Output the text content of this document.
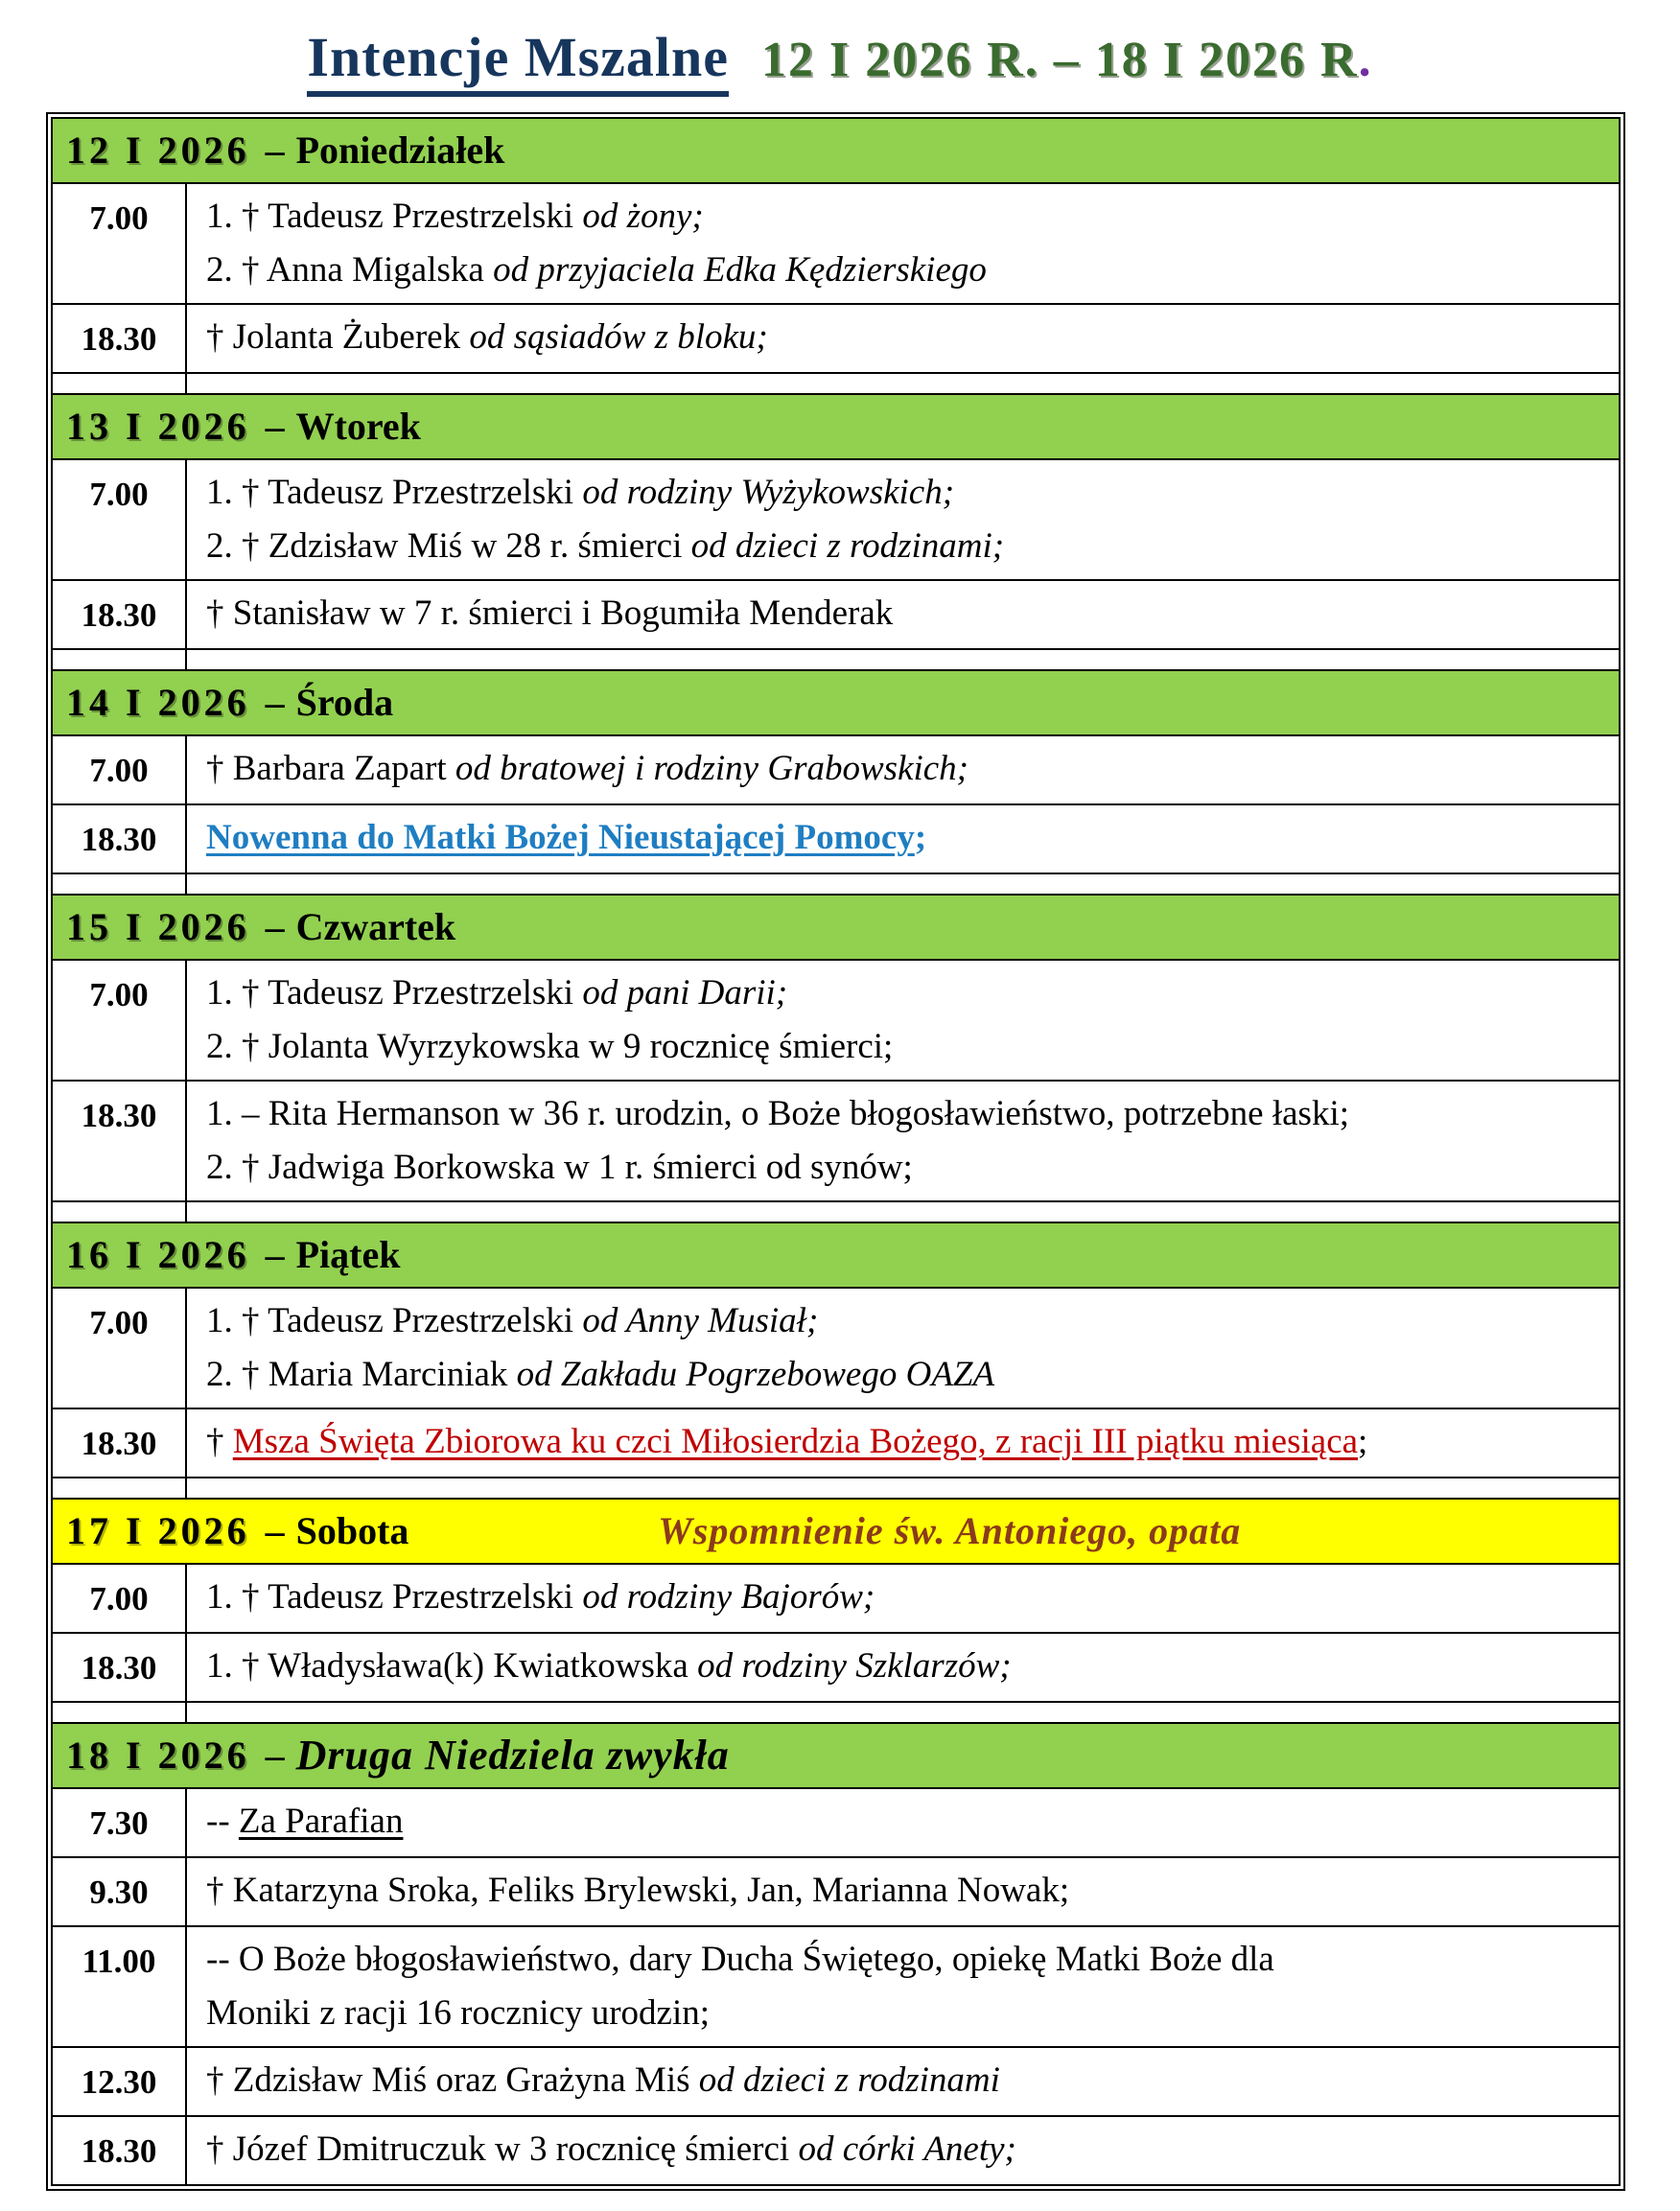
Intencje Mszalne 12 I 2026 R. – 18 I 2026 R.
12 I 2026 – Poniedziałek	

7.00	1. † Tadeusz Przestrzelski od żony;
2. † Anna Migalska od przyjaciela Edka Kędzierskiego

18.30	† Jolanta Żuberek od sąsiadów z bloku;

13 I 2026 – Wtorek	

7.00	1. † Tadeusz Przestrzelski od rodziny Wyżykowskich;
2. † Zdzisław Miś w 28 r. śmierci od dzieci z rodzinami;

18.30	† Stanisław w 7 r. śmierci i Bogumiła Menderak

14 I 2026 – Środa	

7.00	† Barbara Zapart od bratowej i rodziny Grabowskich;

18.30	Nowenna do Matki Bożej Nieustającej Pomocy;

15 I 2026 – Czwartek	

7.00	1. † Tadeusz Przestrzelski od pani Darii;
2. † Jolanta Wyrzykowska w 9 rocznicę śmierci;

18.30	1. – Rita Hermanson w 36 r. urodzin, o Boże błogosławieństwo, potrzebne łaski;
2. † Jadwiga Borkowska w 1 r. śmierci od synów;

16 I 2026 – Piątek	

7.00	1. † Tadeusz Przestrzelski od Anny Musiał;
2. † Maria Marciniak od Zakładu Pogrzebowego OAZA

18.30	† Msza Święta Zbiorowa ku czci Miłosierdzia Bożego, z racji III piątku miesiąca;

17 I 2026 – Sobota Wspomnienie św. Antoniego, opata	

7.00	1. † Tadeusz Przestrzelski od rodziny Bajorów;

18.30	1. † Władysława(k) Kwiatkowska od rodziny Szklarzów;

18 I 2026 – Druga Niedziela zwykła	

7.30	-- Za Parafian

9.30	† Katarzyna Sroka, Feliks Brylewski, Jan, Marianna Nowak;

11.00	-- O Boże błogosławieństwo, dary Ducha Świętego, opiekę Matki Boże dla
Moniki z racji 16 rocznicy urodzin;

12.30	† Zdzisław Miś oraz Grażyna Miś od dzieci z rodzinami

18.30	† Józef Dmitruczuk w 3 rocznicę śmierci od córki Anety;
